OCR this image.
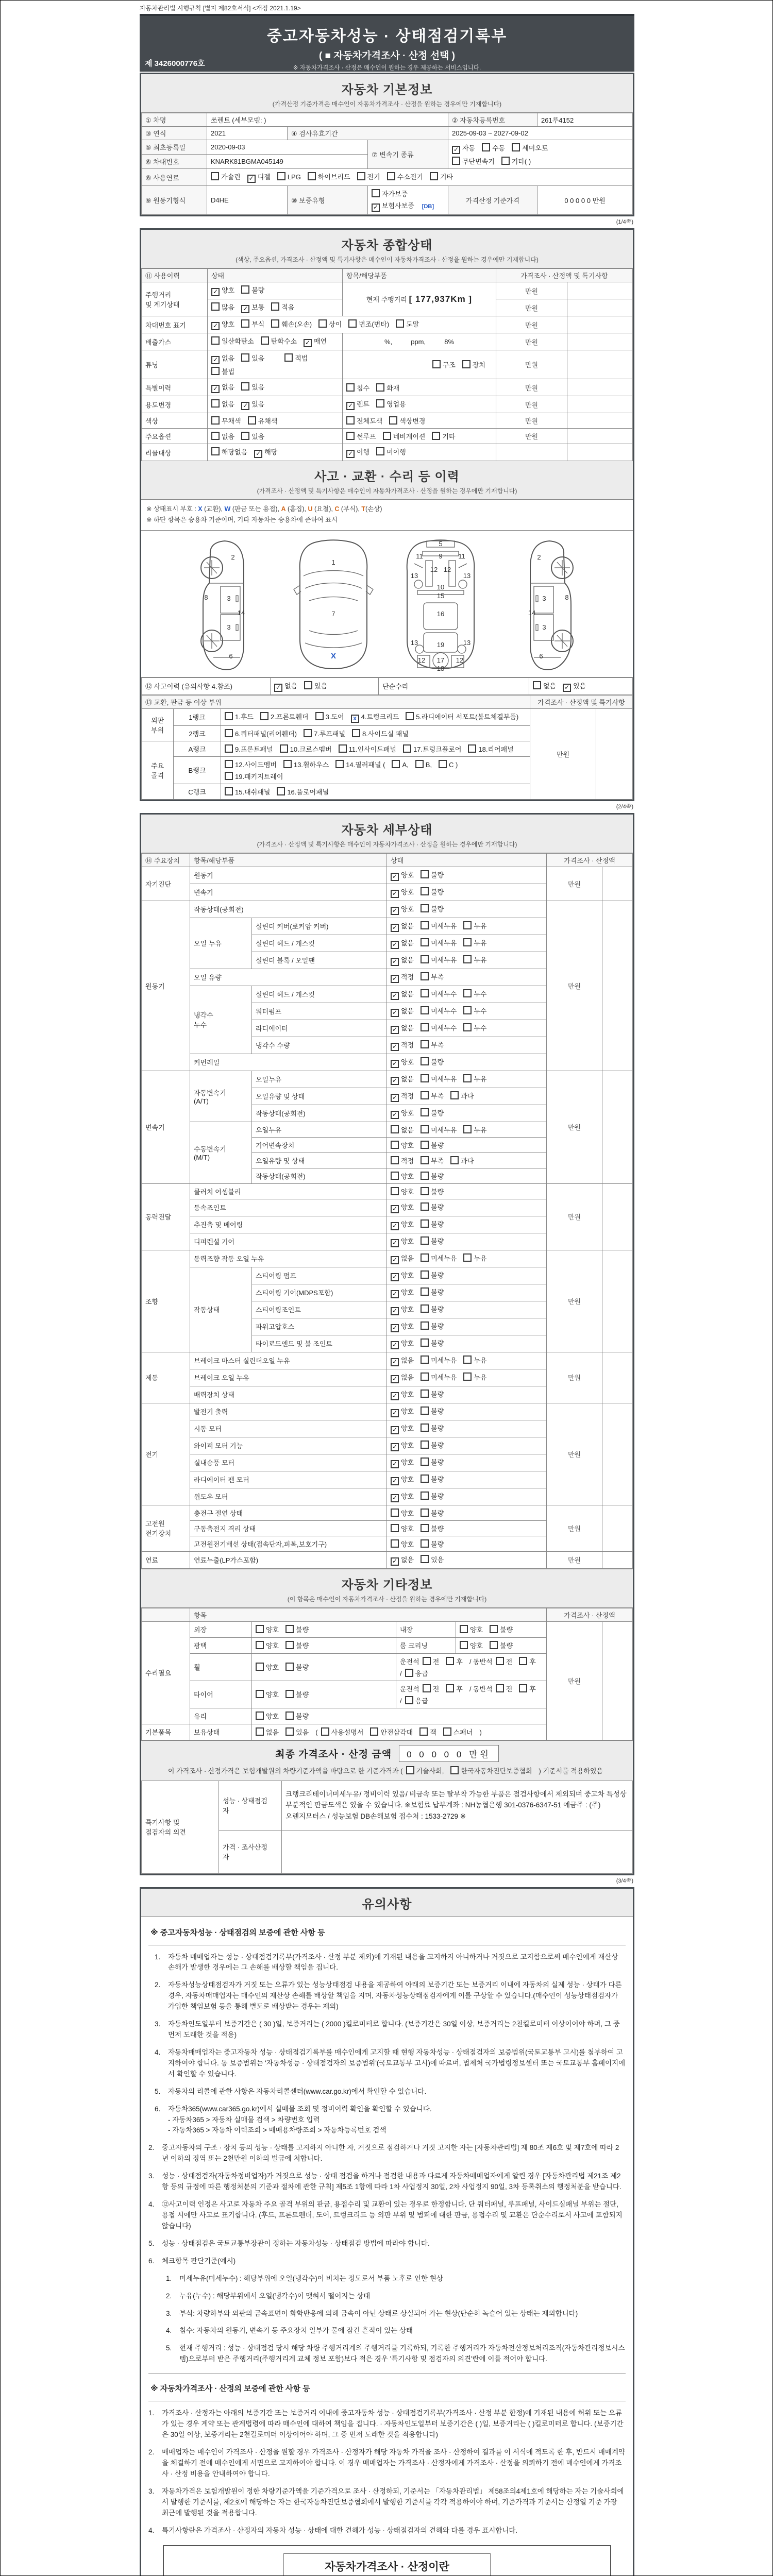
자동차관리법 시행규칙 [별지 제82호서식] <개정 2021.1.19>
중고자동차성능 · 상태점검기록부
( ■ 자동차가격조사 · 산정 선택 )
※ 자동차가격조사 · 산정은 매수인이 원하는 경우 제공하는 서비스입니다.
제 3426000776호
자동차 기본정보
(가격산정 기준가격은 매수인이 자동차가격조사 · 산정을 원하는 경우에만 기재합니다)
① 차명	쏘렌토 (세부모델: )			② 자동차등록번호	261루4152
③ 연식	2021	④ 검사유효기간		2025-09-03 ~ 2027-09-02	
⑤ 최초등록일	2020-09-03		⑦ 변속기 종류	✓ 자동 수동 세미오토
무단변속기 기타( )	
⑥ 차대번호	KNARK81BGMA045149				
⑧ 사용연료	가솔린 ✓ 디젤 LPG 하이브리드 전기 수소전기 기타				
⑨ 원동기형식	D4HE	⑩ 보증유형	자가보증✓ 보험사보증 [DB]	가격산정 기준가격	0 0 0 0 0 만원
(1/4쪽)
자동차 종합상태
(색상, 주요옵션, 가격조사 · 산정액 및 특기사항은 매수인이 자동차가격조사 · 산정을 원하는 경우에만 기재합니다)
⑪ 사용이력	상태	항목/해당부품	가격조사 · 산정액 및 특기사항	
주행거리
및 계기상태	✓ 양호 불량	현재 주행거리 [ 177,937Km ]	만원	
	많음 ✓ 보통 적음		만원	
차대번호 표기	✓ 양호 부식 훼손(오손) 상이 변조(변타) 도말		만원	
배출가스	일산화탄소 탄화수소 ✓ 매연	%,          ppm,          8%	만원	
튜닝	✓ 없음 있음 적법불법	구조 장치	만원	
특별이력	✓ 없음 있음	침수 화재	만원	
용도변경	없음 ✓ 있음	✓ 렌트 영업용	만원	
색상	무채색 유채색	전체도색 색상변경	만원	
주요옵션	없음 있음	썬루프 네비게이션 기타	만원	
리콜대상	해당없음 ✓ 해당	✓ 이행 미이행		
사고 · 교환 · 수리 등 이력
(가격조사 · 산정액 및 특기사항은 매수인이 자동차가격조사 · 산정을 원하는 경우에만 기재합니다)
※ 상태표시 부호 : X (교환), W (판금 또는 용접), A (흠집), U (요철), C (부식), T(손상)
※ 하단 항목은 승용차 기준이며, 기타 자동차는 승용차에 준하여 표시
2
8	3
14
3
6
1
7
X
5
11	11
9
13
12 12
13
10
15
16
13	13
19
12	12
17
18
2
3	8
14
3
6
⑫ 사고이력 (유의사항 4.참조)	✓ 없음	있음	단순수리	없음 ✓ 있음
⑬ 교환, 판금 등 이상 부위			가격조사 · 산정액 및 특기사항	
외판
부위	1랭크	1.후드 2.프론트휀더 3.도어 x 4.트렁크리드 5.라디에이터 서포트(볼트체결부품)	만원	
	2랭크	6.쿼터패널(리어휀더) 7.루프패널 8.사이드실 패널		
주요
골격	A랭크	9.프론트패널 10.크로스멤버 11.인사이드패널 17.트렁크플로어 18.리어패널		
	B랭크	12.사이드멤버 13.휠하우스 14.필러패널 ( A, B, C )19.패키지트레이		
	C랭크	15.대쉬패널 16.플로어패널		
(2/4쪽)
자동차 세부상태
(가격조사 · 산정액 및 특기사항은 매수인이 자동차가격조사 · 산정을 원하는 경우에만 기재합니다)
⑭ 주요장치	항목/해당부품		상태	가격조사 · 산정액	
자기진단	원동기		✓ 양호 불량	만원	
	변속기		✓ 양호 불량		
원동기	작동상태(공회전)		✓ 양호 불량	만원	
	오일 누유	실린더 커버(로커암 커버)	✓ 없음 미세누유 누유		
		실린더 헤드 / 개스킷	✓ 없음 미세누유 누유		
		실린더 블록 / 오일팬	✓ 없음 미세누유 누유		
	오일 유량		✓ 적정 부족		
	냉각수
누수	실린더 헤드 / 개스킷	✓ 없음 미세누수 누수		
		워터펌프	✓ 없음 미세누수 누수		
		라디에이터	✓ 없음 미세누수 누수		
		냉각수 수량	✓ 적정 부족		
	커먼레일		✓ 양호 불량		
변속기	자동변속기
(A/T)	오일누유	✓ 없음 미세누유 누유	만원	
		오일유량 및 상태	✓ 적정 부족 과다		
		작동상태(공회전)	✓ 양호 불량		
	수동변속기
(M/T)	오일누유	없음 미세누유 누유		
		기어변속장치	양호 불량		
		오일유량 및 상태	적정 부족 과다		
		작동상태(공회전)	양호 불량		
동력전달	클러치 어셈블리		양호 불량	만원	
	등속죠인트		✓ 양호 불량		
	추진축 및 베어링		✓ 양호 불량		
	디퍼렌셜 기어		✓ 양호 불량		
조향	동력조향 작동 오일 누유		✓ 없음 미세누유 누유	만원	
	작동상태	스티어링 펌프	✓ 양호 불량		
		스티어링 기어(MDPS포함)	✓ 양호 불량		
		스티어링조인트	✓ 양호 불량		
		파워고압호스	✓ 양호 불량		
		타이로드엔드 및 볼 조인트	✓ 양호 불량		
제동	브레이크 마스터 실린더오일 누유		✓ 없음 미세누유 누유	만원	
	브레이크 오일 누유		✓ 없음 미세누유 누유		
	배력장치 상태		✓ 양호 불량		
전기	발전기 출력		✓ 양호 불량	만원	
	시동 모터		✓ 양호 불량		
	와이퍼 모터 기능		✓ 양호 불량		
	실내송풍 모터		✓ 양호 불량		
	라디에이터 팬 모터		✓ 양호 불량		
	윈도우 모터		✓ 양호 불량		
고전원
전기장치	충전구 절연 상태		양호 불량	만원	
	구동축전지 격리 상태		양호 불량		
	고전원전기배선 상태(접속단자,피복,보호기구)		양호 불량		
연료	연료누출(LP가스포함)		✓ 없음 있음	만원	
자동차 기타정보
(이 항목은 매수인이 자동차가격조사 · 산정을 원하는 경우에만 기재합니다)
	항목				가격조사 · 산정액	
수리필요	외장	양호 불량	내장	양호 불량	만원	
	광택	양호 불량	룸 크리닝	양호 불량		
	휠	양호 불량	운전석 전 후 / 동반석 전 후/ 응급			
	타이어	양호 불량	운전석 전 후 / 동반석 전 후/ 응급			
	유리	양호 불량				
기본품목	보유상태	없음 있음 ( 사용설명서 안전삼각대 잭 스패너 )				
최종 가격조사 · 산정 금액 0 0 0 0 0 만원
이 가격조사 · 산정가격은 보험개발원의 차량기준가액을 바탕으로 한 기준가격과 ( 기술사회,	한국자동차진단보증협회 ) 기준서를 적용하였음
특기사항 및
점검자의 의견	성능 · 상태점검
자	크랭크리테이너미세누유/ 정비이력 있음/ 비금속 또는 탈부착 가능한 부품은 점검사항에서 제외되며 중고차 특성상 부분적인 판금도색은 있을 수 있습니다. ※보험료 납부계좌 : NH농협은행 301-0376-6347-51 예금주 : (주)오렌지모터스 / 성능보험 DB손해보험 접수처 : 1533-2729 ※
	가격 · 조사산정
자	
(3/4쪽)
유의사항
※ 중고자동차성능 · 상태점검의 보증에 관한 사항 등
1.	자동차 매매업자는 성능 · 상태점검기록부(가격조사 · 산정 부분 제외)에 기재된 내용을 고지하지 아니하거나 거짓으로 고지함으로써 매수인에게 재산상 손해가 발생한 경우에는 그 손해를 배상할 책임을 집니다.
2.	자동차성능상태점검자가 거짓 또는 오류가 있는 성능상태점검 내용을 제공하여 아래의 보증기간 또는 보증거리 이내에 자동차의 실제 성능 · 상태가 다른 경우, 자동차매매업자는 매수인의 재산상 손해를 배상할 책임을 지며, 자동차성능상태점검자에게 이를 구상할 수 있습니다.(매수인이 성능상태점검자가 가입한 책임보험 등을 통해 별도로 배상받는 경우는 제외)
3.	자동차인도일부터 보증기간은 ( 30 )일, 보증거리는 ( 2000 )킬로미터로 합니다. (보증기간은 30일 이상, 보증거리는 2천킬로미터 이상이어야 하며, 그 중 먼저 도래한 것을 적용)
4.	자동차매매업자는 중고자동차 성능 · 상태점검기록부를 매수인에게 고지할 때 현행 자동차성능 · 상태점검자의 보증범위(국토교통부 고시)를 첨부하여 고지하여야 합니다. 동 보증범위는 '자동차성능 · 상태점검자의 보증범위'(국토교통부 고시)에 따르며, 법제처 국가법령정보센터 또는 국토교통부 홈페이지에서 확인할 수 있습니다.
5.	자동차의 리콜에 관한 사항은 자동차리콜센터(www.car.go.kr)에서 확인할 수 있습니다.
6.	자동차365(www.car365.go.kr)에서 실매물 조회 및 정비이력 확인을 확인할 수 있습니다.
- 자동차365 > 자동차 실매물 검색 > 차량번호 입력
- 자동차365 > 자동차 이력조회 > 매매용차량조회 > 자동차등록번호 검색
2.	중고자동차의 구조 · 장치 등의 성능 · 상태를 고지하지 아니한 자, 거짓으로 점검하거나 거짓 고지한 자는 [자동차관리법] 제 80조 제6호 및 제7호에 따라 2년 이하의 징역 또는 2천만원 이하의 벌금에 처합니다.
3.	성능 · 상태점검자(자동차정비업자)가 거짓으로 성능 · 상태 점검을 하거나 점검한 내용과 다르게 자동차매매업자에게 알린 경우 [자동차관리법 제21조 제2항 등의 규정에 따른 행정처분의 기준과 절차에 관한 규칙] 제5조 1항에 따라 1차 사업정지 30일, 2차 사업정지 90일, 3차 등록취소의 행정처분을 받습니다.
4.	⑫사고이력 인정은 사고로 자동차 주요 골격 부위의 판금, 용접수리 및 교환이 있는 경우로 한정합니다. 단 쿼터패널, 루프패널, 사이드실패널 부위는 절단, 용접 시에만 사고로 표기합니다. (후드, 프론트펜더, 도어, 트렁크리드 등 외판 부위 및 범퍼에 대한 판금, 용접수리 및 교환은 단순수리로서 사고에 포함되지 않습니다)
5.	성능 · 상태점검은 국토교통부장관이 정하는 자동차성능 · 상태점검 방법에 따라야 합니다.
6.	체크항목 판단기준(예시)
1.	미세누유(미세누수) : 해당부위에 오일(냉각수)이 비치는 정도로서 부품 노후로 인한 현상
2.	누유(누수) : 해당부위에서 오일(냉각수)이 맺혀서 떨어지는 상태
3.	부식: 차량하부와 외판의 금속표면이 화학반응에 의해 금속이 아닌 상태로 상실되어 가는 현상(단순히 녹슬어 있는 상태는 제외합니다)
4.	침수: 자동차의 원동기, 변속기 등 주요장치 일부가 물에 잠긴 흔적이 있는 상태
5.	현재 주행거리 : 성능 · 상태점검 당시 해당 차량 주행거리계의 주행거리를 기록하되, 기록한 주행거리가 자동차전산정보처리조직(자동차관리정보시스템)으로부터 받은 주행거리(주행거리계 교체 정보 포함)보다 적은 경우 '특기사항 및 점검자의 의견'란에 이를 적어야 합니다.
※ 자동차가격조사 · 산정의 보증에 관한 사항 등
1.	가격조사 · 산정자는 아래의 보증기간 또는 보증거리 이내에 중고자동차 성능 · 상태점검기록부(가격조사 · 산정 부분 한정)에 기재된 내용에 허위 또는 오류가 있는 경우 계약 또는 관계법령에 따라 매수인에 대하여 책임을 집니다. · 자동차인도일부터 보증기간은 ( )일, 보증거리는 ( )킬로미터로 합니다. (보증기간은 30일 이상, 보증거리는 2천킬로미터 이상이어야 하며, 그 중 먼저 도래한 것을 적용합니다)
2.	매매업자는 매수인이 가격조사 · 산정을 원할 경우 가격조사 · 산정자가 해당 자동차 가격을 조사 · 산정하여 결과를 이 서식에 적도록 한 후, 반드시 매매계약을 체결하기 전에 매수인에게 서면으로 고지하여야 합니다. 이 경우 매매업자는 가격조사 · 산정자에게 가격조사 · 산정을 의뢰하기 전에 매수인에게 가격조사 · 산정 비용을 안내하여야 합니다.
3.	자동차가격은 보험개발원이 정한 차량기준가액을 기준가격으로 조사 · 산정하되, 기준서는 「자동차관리법」 제58조의4제1호에 해당하는 자는 기술사회에서 발행한 기준서를, 제2호에 해당하는 자는 한국자동차진단보증협회에서 발행한 기준서를 각각 적용하여야 하며, 기준가격과 기준서는 산정일 기준 가장 최근에 발행된 것을 적용합니다.
4.	특기사항란은 가격조사 · 산정자의 자동차 성능 · 상태에 대한 견해가 성능 · 상태점검자의 견해와 다를 경우 표시합니다.
자동차가격조사 · 산정이란
